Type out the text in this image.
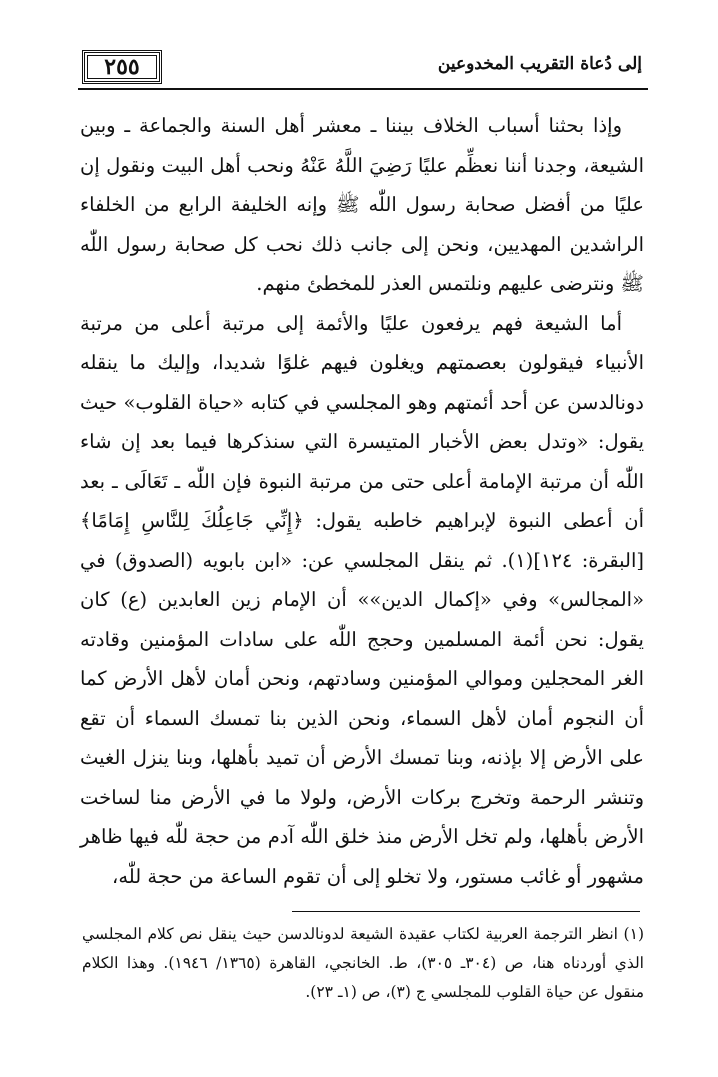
٢٥٥	إلى دُعاة التقريب المخدوعين

وإذا بحثنا أسباب الخلاف بيننا ـ معشر أهل السنة والجماعة ـ وبين الشيعة، وجدنا أننا نعظِّم عليًا رَضِيَ اللَّهُ عَنْهُ ونحب أهل البيت ونقول إن عليًا من أفضل صحابة رسول اللّٰه ﷺ وإنه الخليفة الرابع من الخلفاء الراشدين المهديين، ونحن إلى جانب ذلك نحب كل صحابة رسول اللّٰه ﷺ ونترضى عليهم ونلتمس العذر للمخطئ منهم.

أما الشيعة فهم يرفعون عليًا والأئمة إلى مرتبة أعلى من مرتبة الأنبياء فيقولون بعصمتهم ويغلون فيهم غلوًا شديدا، وإليك ما ينقله دونالدسن عن أحد أئمتهم وهو المجلسي في كتابه «حياة القلوب» حيث يقول: «وتدل بعض الأخبار المتيسرة التي سنذكرها فيما بعد إن شاء اللّٰه أن مرتبة الإمامة أعلى حتى من مرتبة النبوة فإن اللّٰه ـ تَعَالَى ـ بعد أن أعطى النبوة لإبراهيم خاطبه يقول: ﴿إِنِّي جَاعِلُكَ لِلنَّاسِ إِمَامًا﴾ [البقرة: ١٢٤](١). ثم ينقل المجلسي عن: «ابن بابويه (الصدوق) في «المجالس» وفي «إكمال الدين»» أن الإمام زين العابدين (ع) كان يقول: نحن أئمة المسلمين وحجج اللّٰه على سادات المؤمنين وقادته الغر المحجلين وموالي المؤمنين وسادتهم، ونحن أمان لأهل الأرض كما أن النجوم أمان لأهل السماء، ونحن الذين بنا تمسك السماء أن تقع على الأرض إلا بإذنه، وبنا تمسك الأرض أن تميد بأهلها، وبنا ينزل الغيث وتنشر الرحمة وتخرج بركات الأرض، ولولا ما في الأرض منا لساخت الأرض بأهلها، ولم تخل الأرض منذ خلق اللّٰه آدم من حجة للّٰه فيها ظاهر مشهور أو غائب مستور، ولا تخلو إلى أن تقوم الساعة من حجة للّٰه،

(١) انظر الترجمة العربية لكتاب عقيدة الشيعة لدونالدسن حيث ينقل نص كلام المجلسي الذي أوردناه هنا، ص (٣٠٤ـ ٣٠٥)، ط. الخانجي، القاهرة (١٣٦٥/ ١٩٤٦). وهذا الكلام منقول عن حياة القلوب للمجلسي ج (٣)، ص (١ـ ٢٣).
